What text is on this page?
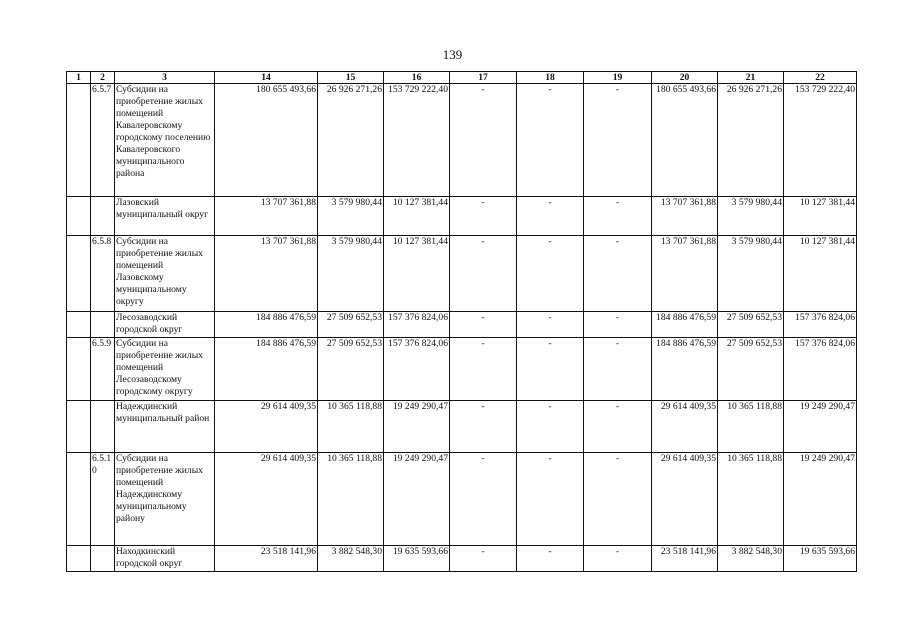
139
1	2	3	14	15	16	17	18	19	20	21	22
	6.5.7	Субсидии на приобретение жилых помещений Кавалеровскому городскому поселению Кавалеровского муниципального района	180 655 493,66	26 926 271,26	153 729 222,40	-	-	-	180 655 493,66	26 926 271,26	153 729 222,40
		Лазовский муниципальный округ	13 707 361,88	3 579 980,44	10 127 381,44	-	-	-	13 707 361,88	3 579 980,44	10 127 381,44
	6.5.8	Субсидии на приобретение жилых помещений Лазовскому муниципальному округу	13 707 361,88	3 579 980,44	10 127 381,44	-	-	-	13 707 361,88	3 579 980,44	10 127 381,44
		Лесозаводский городской округ	184 886 476,59	27 509 652,53	157 376 824,06	-	-	-	184 886 476,59	27 509 652,53	157 376 824,06
	6.5.9	Субсидии на приобретение жилых помещений Лесозаводскому городскому округу	184 886 476,59	27 509 652,53	157 376 824,06	-	-	-	184 886 476,59	27 509 652,53	157 376 824,06
		Надеждинский муниципальный район	29 614 409,35	10 365 118,88	19 249 290,47	-	-	-	29 614 409,35	10 365 118,88	19 249 290,47
	6.5.10	Субсидии на приобретение жилых помещений Надеждинскому муниципальному району	29 614 409,35	10 365 118,88	19 249 290,47	-	-	-	29 614 409,35	10 365 118,88	19 249 290,47
		Находкинский городской округ	23 518 141,96	3 882 548,30	19 635 593,66	-	-	-	23 518 141,96	3 882 548,30	19 635 593,66
